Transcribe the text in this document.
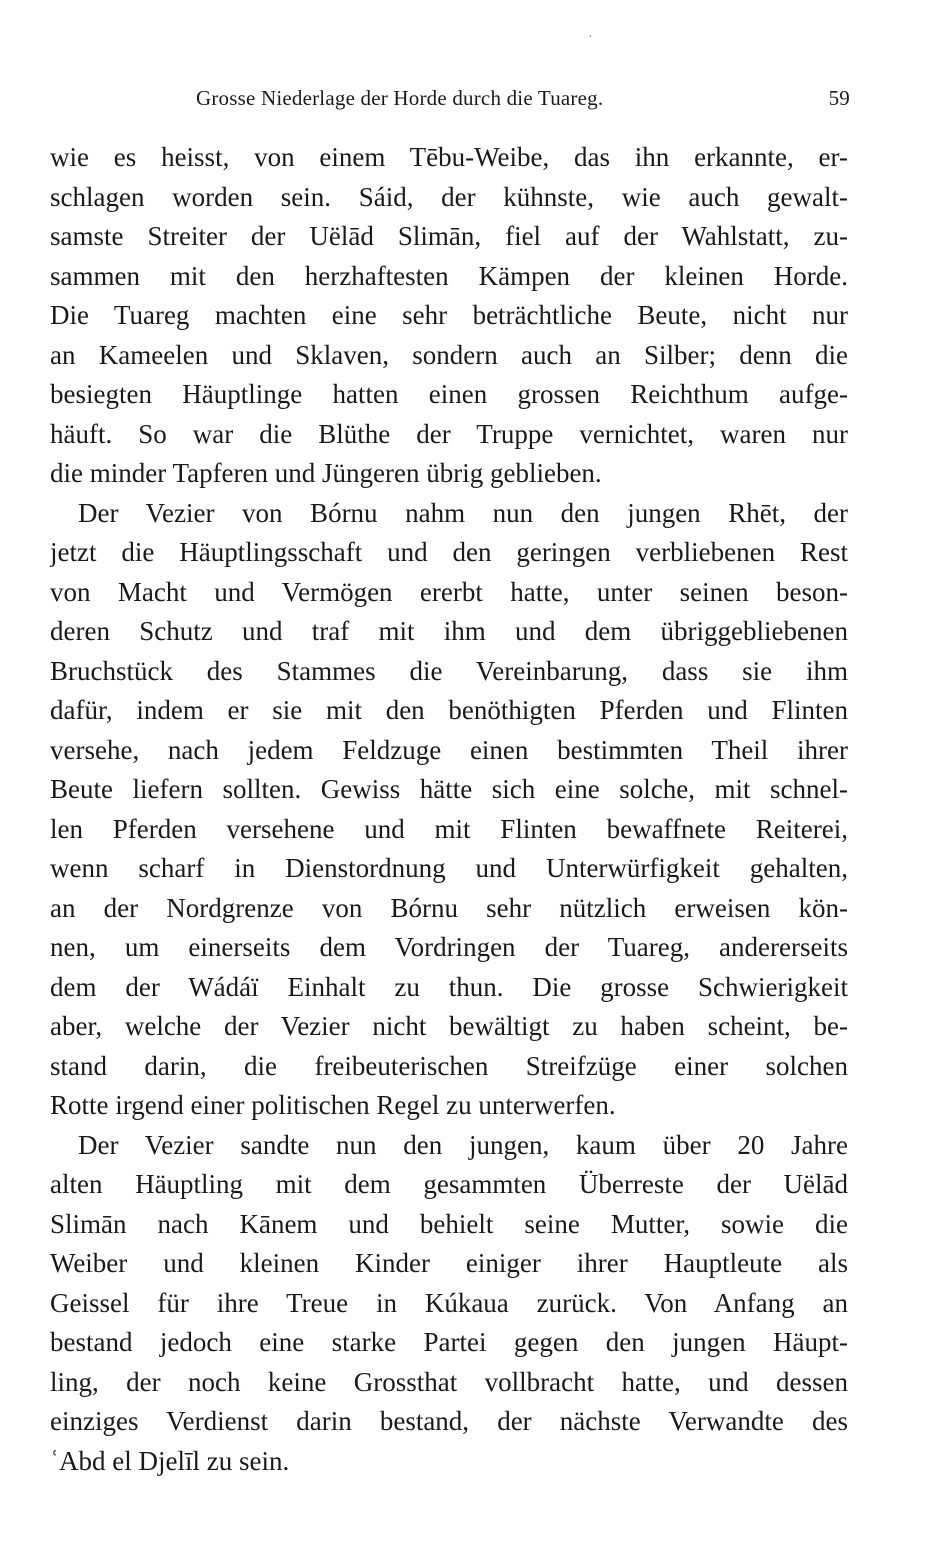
Grosse Niederlage der Horde durch die Tuareg.	59
wie es heisst, von einem Tēbu-Weibe, das ihn erkannte, er-
schlagen worden sein. Sáid, der kühnste, wie auch gewalt-
samste Streiter der Uëlād Slimān, fiel auf der Wahlstatt, zu-
sammen mit den herzhaftesten Kämpen der kleinen Horde.
Die Tuareg machten eine sehr beträchtliche Beute, nicht nur
an Kameelen und Sklaven, sondern auch an Silber; denn die
besiegten Häuptlinge hatten einen grossen Reichthum aufge-
häuft. So war die Blüthe der Truppe vernichtet, waren nur
die minder Tapferen und Jüngeren übrig geblieben.
Der Vezier von Bórnu nahm nun den jungen Rhēt, der
jetzt die Häuptlingsschaft und den geringen verbliebenen Rest
von Macht und Vermögen ererbt hatte, unter seinen beson-
deren Schutz und traf mit ihm und dem übriggebliebenen
Bruchstück des Stammes die Vereinbarung, dass sie ihm
dafür, indem er sie mit den benöthigten Pferden und Flinten
versehe, nach jedem Feldzuge einen bestimmten Theil ihrer
Beute liefern sollten. Gewiss hätte sich eine solche, mit schnel-
len Pferden versehene und mit Flinten bewaffnete Reiterei,
wenn scharf in Dienstordnung und Unterwürfigkeit gehalten,
an der Nordgrenze von Bórnu sehr nützlich erweisen kön-
nen, um einerseits dem Vordringen der Tuareg, andererseits
dem der Wádáï Einhalt zu thun. Die grosse Schwierigkeit
aber, welche der Vezier nicht bewältigt zu haben scheint, be-
stand darin, die freibeuterischen Streifzüge einer solchen
Rotte irgend einer politischen Regel zu unterwerfen.
Der Vezier sandte nun den jungen, kaum über 20 Jahre
alten Häuptling mit dem gesammten Überreste der Uëlād
Slimān nach Kānem und behielt seine Mutter, sowie die
Weiber und kleinen Kinder einiger ihrer Hauptleute als
Geissel für ihre Treue in Kúkaua zurück. Von Anfang an
bestand jedoch eine starke Partei gegen den jungen Häupt-
ling, der noch keine Grossthat vollbracht hatte, und dessen
einziges Verdienst darin bestand, der nächste Verwandte des
ʿAbd el Djelīl zu sein.
·
